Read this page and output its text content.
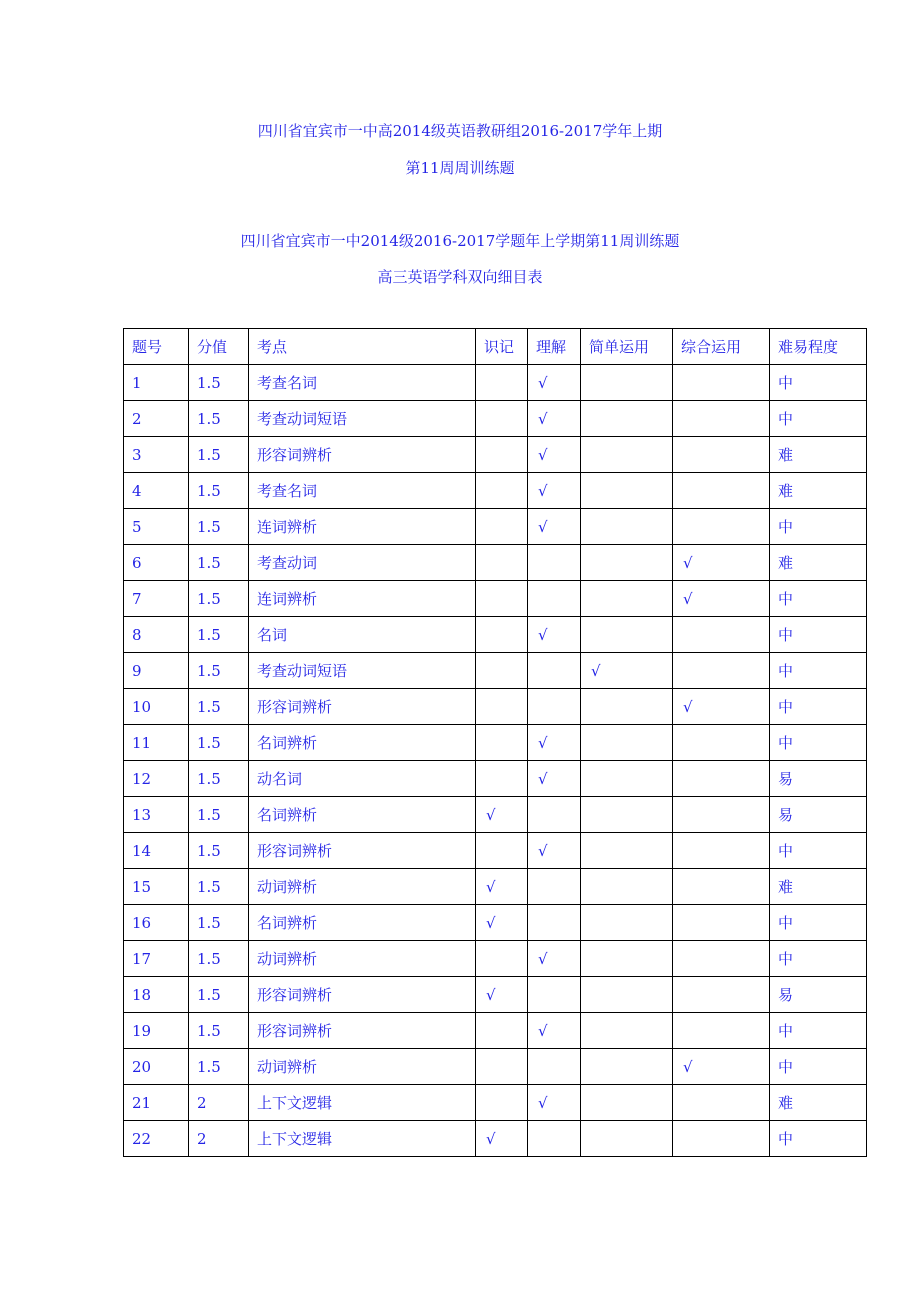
四川省宜宾市一中高2014级英语教研组2016-2017学年上期
第11周周训练题
四川省宜宾市一中2014级2016-2017学题年上学期第11周训练题
高三英语学科双向细目表
题号	分值	考点	识记	理解	简单运用	综合运用	难易程度
1	1.5	考查名词		√			中
2	1.5	考查动词短语		√			中
3	1.5	形容词辨析		√			难
4	1.5	考查名词		√			难
5	1.5	连词辨析		√			中
6	1.5	考查动词				√	难
7	1.5	连词辨析				√	中
8	1.5	名词		√			中
9	1.5	考查动词短语			√		中
10	1.5	形容词辨析				√	中
11	1.5	名词辨析		√			中
12	1.5	动名词		√			易
13	1.5	名词辨析	√				易
14	1.5	形容词辨析		√			中
15	1.5	动词辨析	√				难
16	1.5	名词辨析	√				中
17	1.5	动词辨析		√			中
18	1.5	形容词辨析	√				易
19	1.5	形容词辨析		√			中
20	1.5	动词辨析				√	中
21	2	上下文逻辑		√			难
22	2	上下文逻辑	√				中
